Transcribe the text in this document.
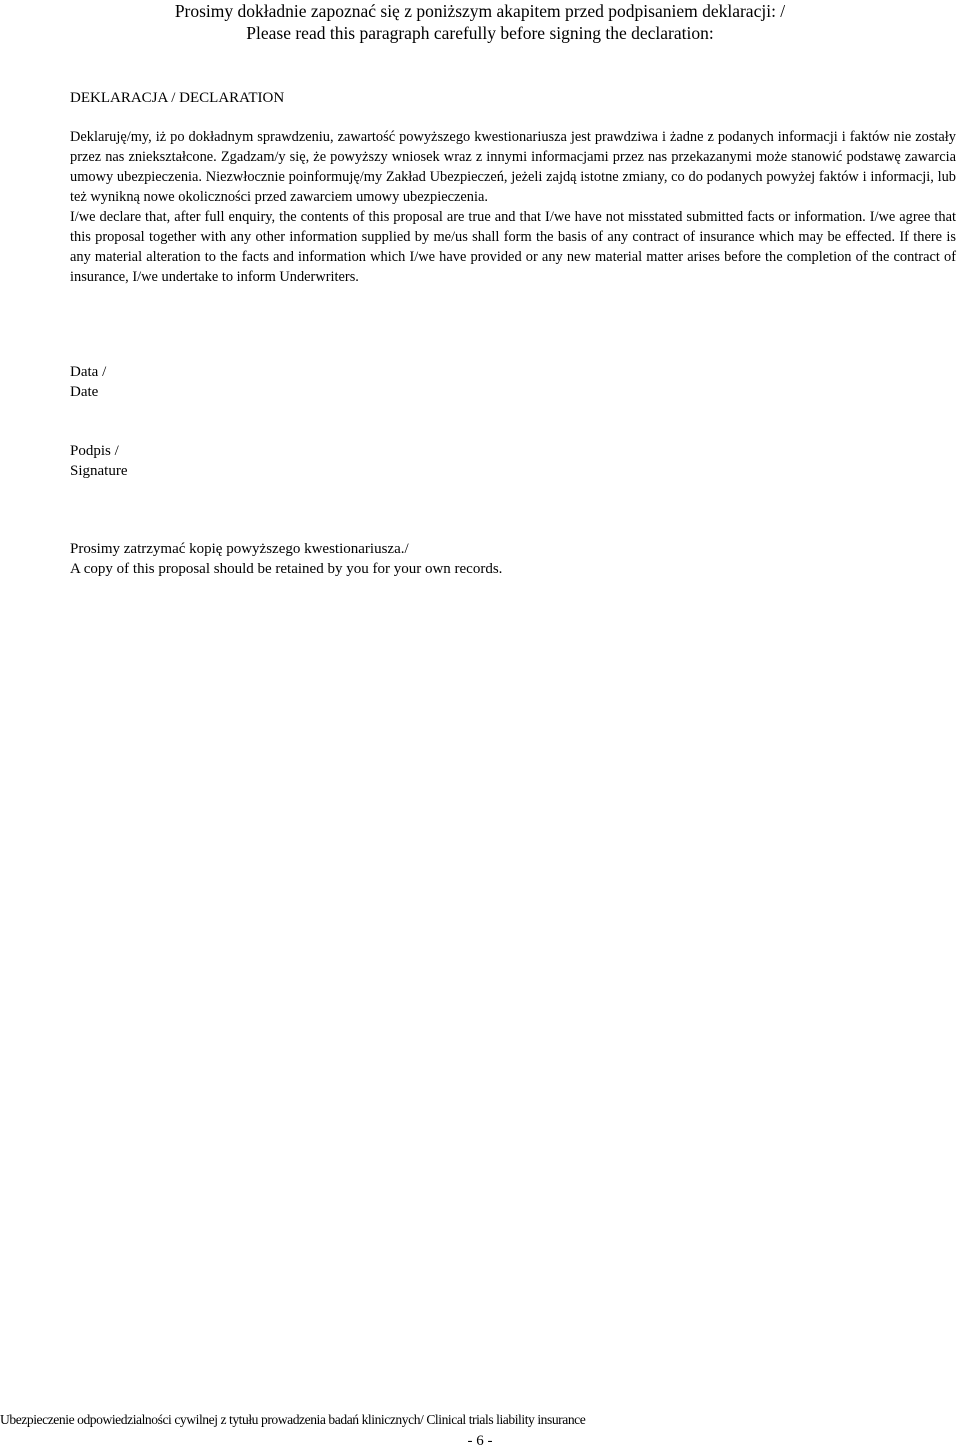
Prosimy dokładnie zapoznać się z poniższym akapitem przed podpisaniem deklaracji: /
Please read this paragraph carefully before signing the declaration:
DEKLARACJA / DECLARATION

Deklaruję/my, iż po dokładnym sprawdzeniu, zawartość powyższego kwestionariusza jest prawdziwa i żadne z podanych informacji i faktów nie zostały przez nas zniekształcone. Zgadzam/y się, że powyższy wniosek wraz z innymi informacjami przez nas przekazanymi może stanowić podstawę zawarcia umowy ubezpieczenia. Niezwłocznie poinformuję/my Zakład Ubezpieczeń, jeżeli zajdą istotne zmiany, co do podanych powyżej faktów i informacji, lub też wynikną nowe okoliczności przed zawarciem umowy ubezpieczenia.

I/we declare that, after full enquiry, the contents of this proposal are true and that I/we have not misstated submitted facts or information. I/we agree that this proposal together with any other information supplied by me/us shall form the basis of any contract of insurance which may be effected. If there is any material alteration to the facts and information which I/we have provided or any new material matter arises before the completion of the contract of insurance, I/we undertake to inform Underwriters.

Data /
Date
Podpis /
Signature
Prosimy zatrzymać kopię powyższego kwestionariusza./
A copy of this proposal should be retained by you for your own records.
Ubezpieczenie odpowiedzialności cywilnej z tytułu prowadzenia badań klinicznych/ Clinical trials liability insurance
- 6 -
